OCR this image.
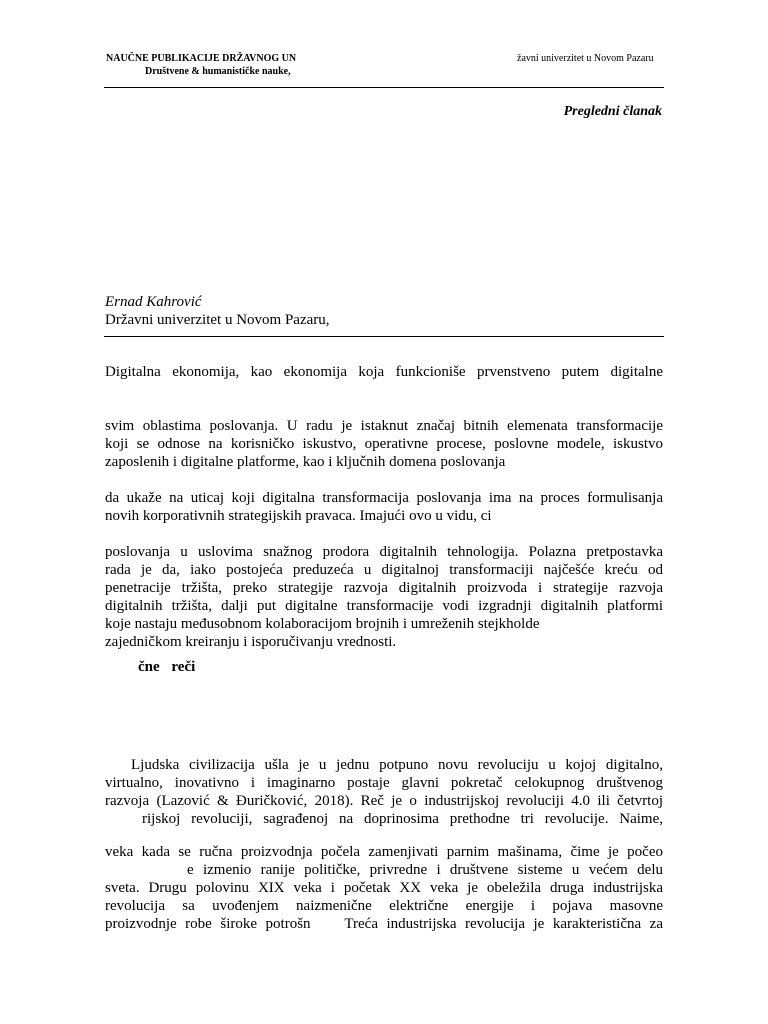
NAUČNE PUBLIKACIJE DRŽAVNOG UN
Društvene & humanističke nauke,
žavni univerzitet u Novom Pazaru
Pregledni članak
Ernad Kahrović
Državni univerzitet u Novom Pazaru,
Digitalna ekonomija, kao ekonomija koja funkcioniše prvenstveno putem digitalne
svim oblastima poslovanja. U radu je istaknut značaj bitnih elemenata transformacije
koji se odnose na korisničko iskustvo, operativne procese, poslovne modele, iskustvo
zaposlenih i digitalne platforme, kao i ključnih domena poslovanja
da ukaže na uticaj koji digitalna transformacija poslovanja ima na proces formulisanja
novih korporativnih strategijskih pravaca. Imajući ovo u vidu, ci
poslovanja u uslovima snažnog prodora digitalnih tehnologija. Polazna pretpostavka
rada je da, iako postojeća preduzeća u digitalnoj transformaciji najčešće kreću od
penetracije tržišta, preko strategije razvoja digitalnih proizvoda i strategije razvoja
digitalnih tržišta, dalji put digitalne transformacije vodi izgradnji digitalnih platformi
koje nastaju međusobnom kolaboracijom brojnih i umreženih stejkholde
zajedničkom kreiranju i isporučivanju vrednosti.
čne reči
Ljudska civilizacija ušla je u jednu potpuno novu revoluciju u kojoj digitalno,
virtualno, inovativno i imaginarno postaje glavni pokretač celokupnog društvenog
razvoja (Lazović & Đuričković, 2018). Reč je o industrijskoj revoluciji 4.0 ili četvrtoj
rijskoj revoluciji, sagrađenoj na doprinosima prethodne tri revolucije. Naime,
veka kada se ručna proizvodnja počela zamenjivati parnim mašinama, čime je počeo
e izmenio ranije političke, privredne i društvene sisteme u većem delu
sveta. Drugu polovinu XIX veka i početak XX veka je obeležila druga industrijska
revolucija sa uvođenjem naizmenične električne energije i pojava masovne
proizvodnje robe široke potrošn    Treća industrijska revolucija je karakteristična za
